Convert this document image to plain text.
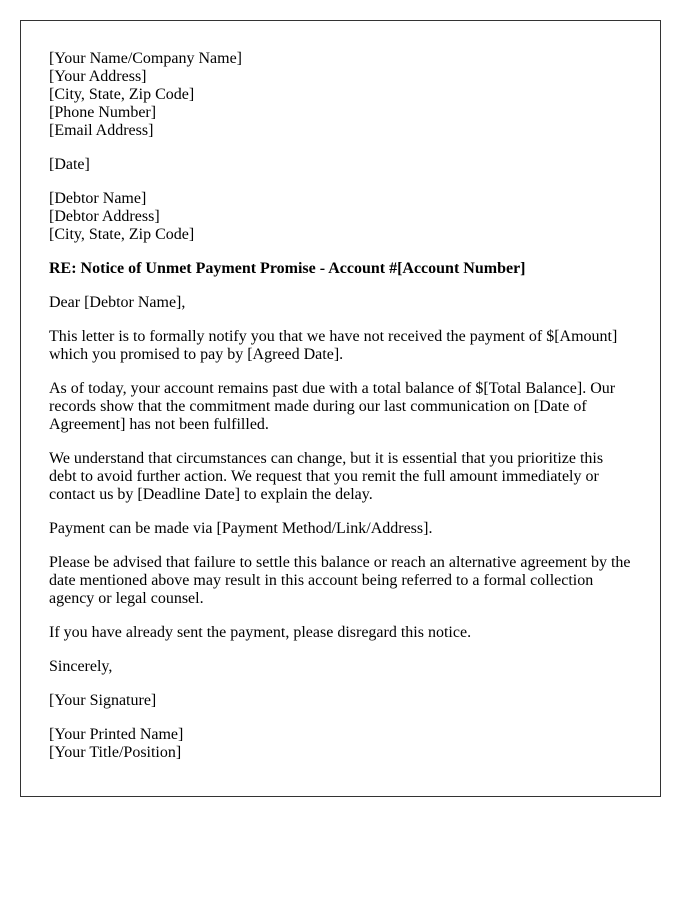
[Your Name/Company Name]
[Your Address]
[City, State, Zip Code]
[Phone Number]
[Email Address]
[Date]
[Debtor Name]
[Debtor Address]
[City, State, Zip Code]

RE: Notice of Unmet Payment Promise - Account #[Account Number]

Dear [Debtor Name],

This letter is to formally notify you that we have not received the payment of $[Amount] which you promised to pay by [Agreed Date].

As of today, your account remains past due with a total balance of $[Total Balance]. Our records show that the commitment made during our last communication on [Date of Agreement] has not been fulfilled.

We understand that circumstances can change, but it is essential that you prioritize this debt to avoid further action. We request that you remit the full amount immediately or contact us by [Deadline Date] to explain the delay.

Payment can be made via [Payment Method/Link/Address].

Please be advised that failure to settle this balance or reach an alternative agreement by the date mentioned above may result in this account being referred to a formal collection agency or legal counsel.

If you have already sent the payment, please disregard this notice.

Sincerely,

[Your Signature]

[Your Printed Name]
[Your Title/Position]
